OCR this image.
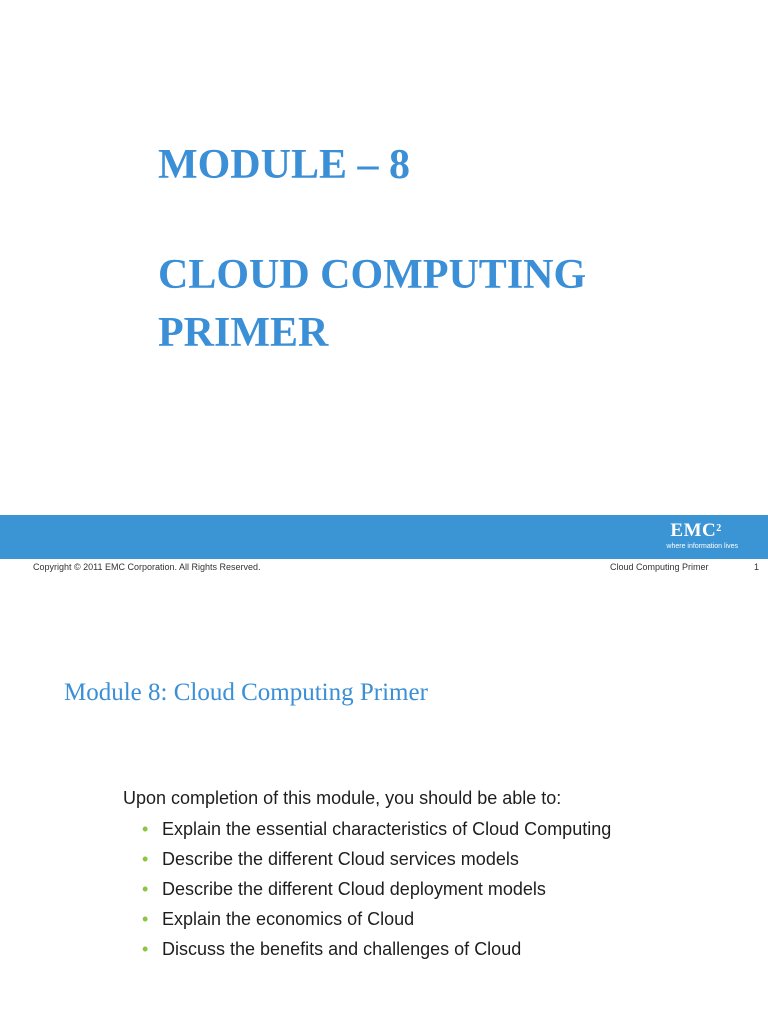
MODULE – 8
CLOUD COMPUTING
PRIMER
EMC$^2$
where information lives
Copyright © 2011 EMC Corporation. All Rights Reserved.	Cloud Computing Primer	1
Module 8: Cloud Computing Primer

Upon completion of this module, you should be able to:

• Explain the essential characteristics of Cloud Computing
• Describe the different Cloud services models
• Describe the different Cloud deployment models
• Explain the economics of Cloud
• Discuss the benefits and challenges of Cloud
